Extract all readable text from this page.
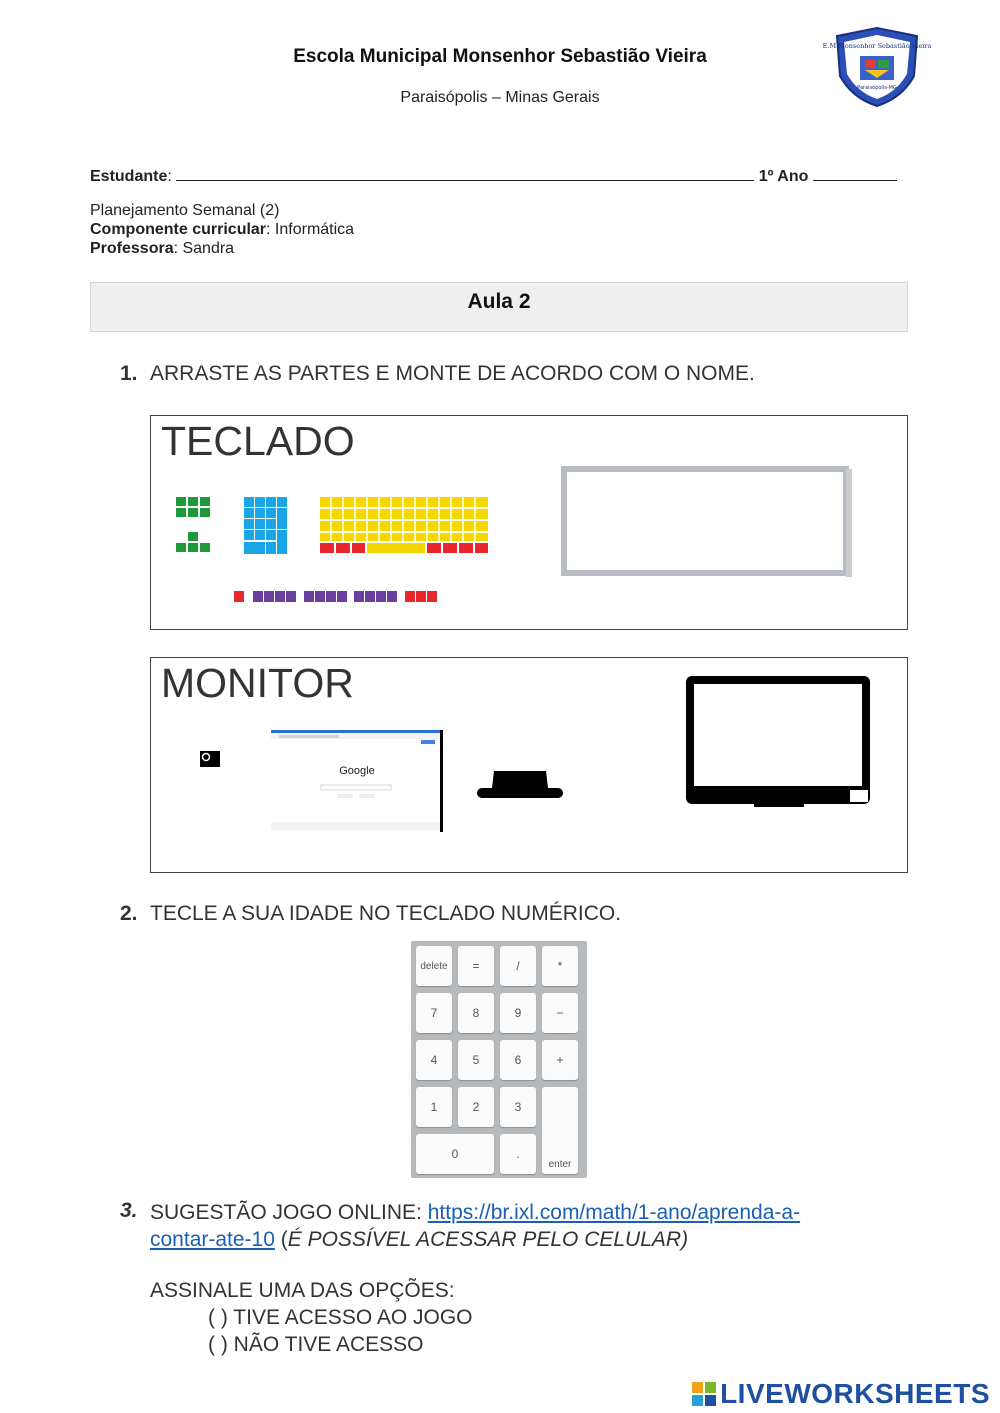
Escola Municipal Monsenhor Sebastião Vieira
Paraisópolis – Minas Gerais
E.M.Monsenhor Sebastião Vieira
Paraisópolis-MG
Estudante:	1º Ano
Planejamento Semanal (2)
Componente curricular: Informática
Professora: Sandra
Aula 2
1. ARRASTE AS PARTES E MONTE DE ACORDO COM O NOME.
TECLADO
MONITOR
Google
2. TECLE A SUA IDADE NO TECLADO NUMÉRICO.
delete	=	/	*
7	8	9	−
4	5	6	+
1	2	3
0	.
enter
3. SUGESTÃO JOGO ONLINE: https://br.ixl.com/math/1-ano/aprenda-a-
contar-ate-10 (É POSSÍVEL ACESSAR PELO CELULAR)
ASSINALE UMA DAS OPÇÕES:
( ) TIVE ACESSO AO JOGO
( ) NÃO TIVE ACESSO
LIVEWORKSHEETS
